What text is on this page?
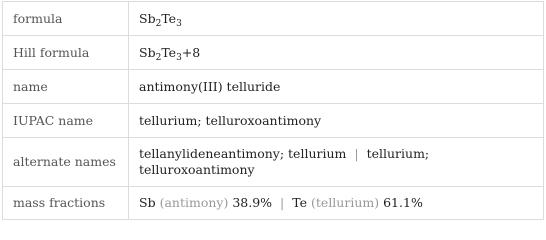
formula	$Sb_2Te_3$
Hill formula	$Sb_2Te_3+8$
name	antimony(III) telluride
IUPAC name	tellurium; telluroxoantimony
alternate names	tellanylideneantimony; tellurium | tellurium;
telluroxoantimony
mass fractions	Sb (antimony) 38.9% | Te (tellurium) 61.1%
